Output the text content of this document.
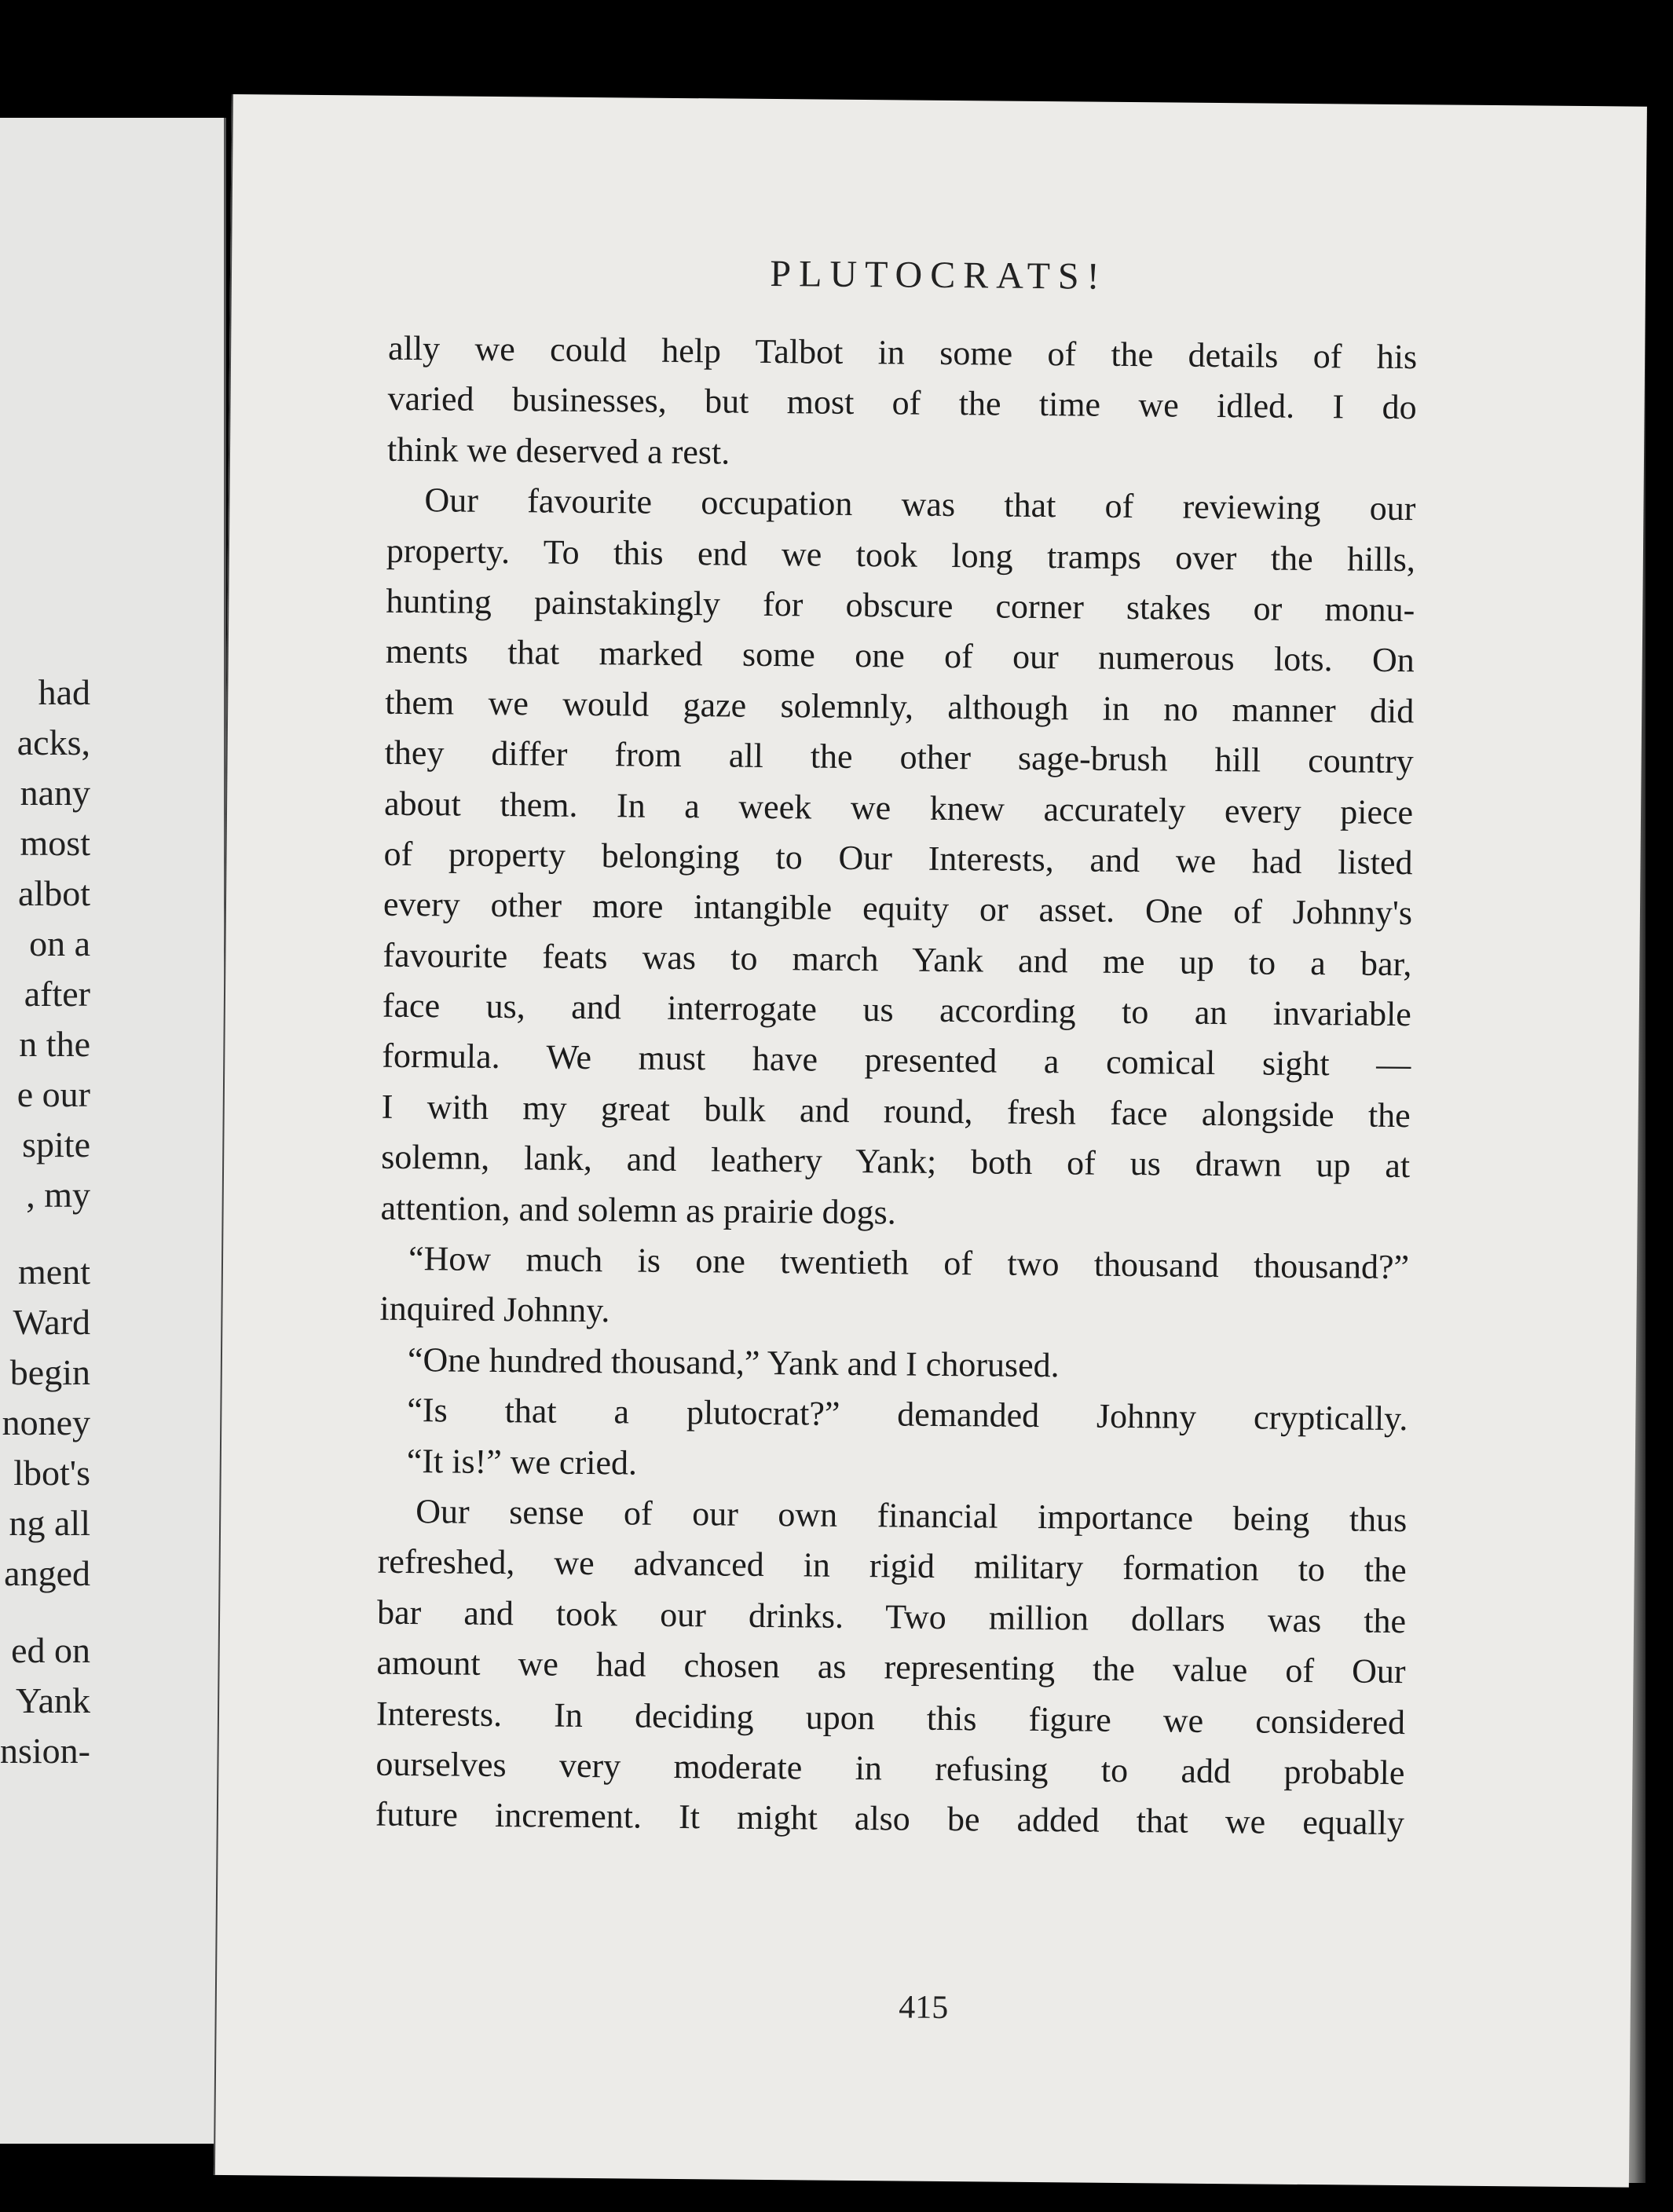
had
acks,
nany
most
albot
on a
after
n the
e our
spite
, my
ment
Ward
begin
noney
lbot's
ng all
anged
ed on
Yank
nsion-
PLUTOCRATS!
ally we could help Talbot in some of the details of his
varied businesses, but most of the time we idled. I do
think we deserved a rest.
Our favourite occupation was that of reviewing our
property. To this end we took long tramps over the hills,
hunting painstakingly for obscure corner stakes or monu-
ments that marked some one of our numerous lots. On
them we would gaze solemnly, although in no manner did
they differ from all the other sage-brush hill country
about them. In a week we knew accurately every piece
of property belonging to Our Interests, and we had listed
every other more intangible equity or asset. One of Johnny's
favourite feats was to march Yank and me up to a bar,
face us, and interrogate us according to an invariable
formula. We must have presented a comical sight —
I with my great bulk and round, fresh face alongside the
solemn, lank, and leathery Yank; both of us drawn up at
attention, and solemn as prairie dogs.
“How much is one twentieth of two thousand thousand?”
inquired Johnny.
“One hundred thousand,” Yank and I chorused.
“Is that a plutocrat?” demanded Johnny cryptically.
“It is!” we cried.
Our sense of our own financial importance being thus
refreshed, we advanced in rigid military formation to the
bar and took our drinks. Two million dollars was the
amount we had chosen as representing the value of Our
Interests. In deciding upon this figure we considered
ourselves very moderate in refusing to add probable
future increment. It might also be added that we equally
415
